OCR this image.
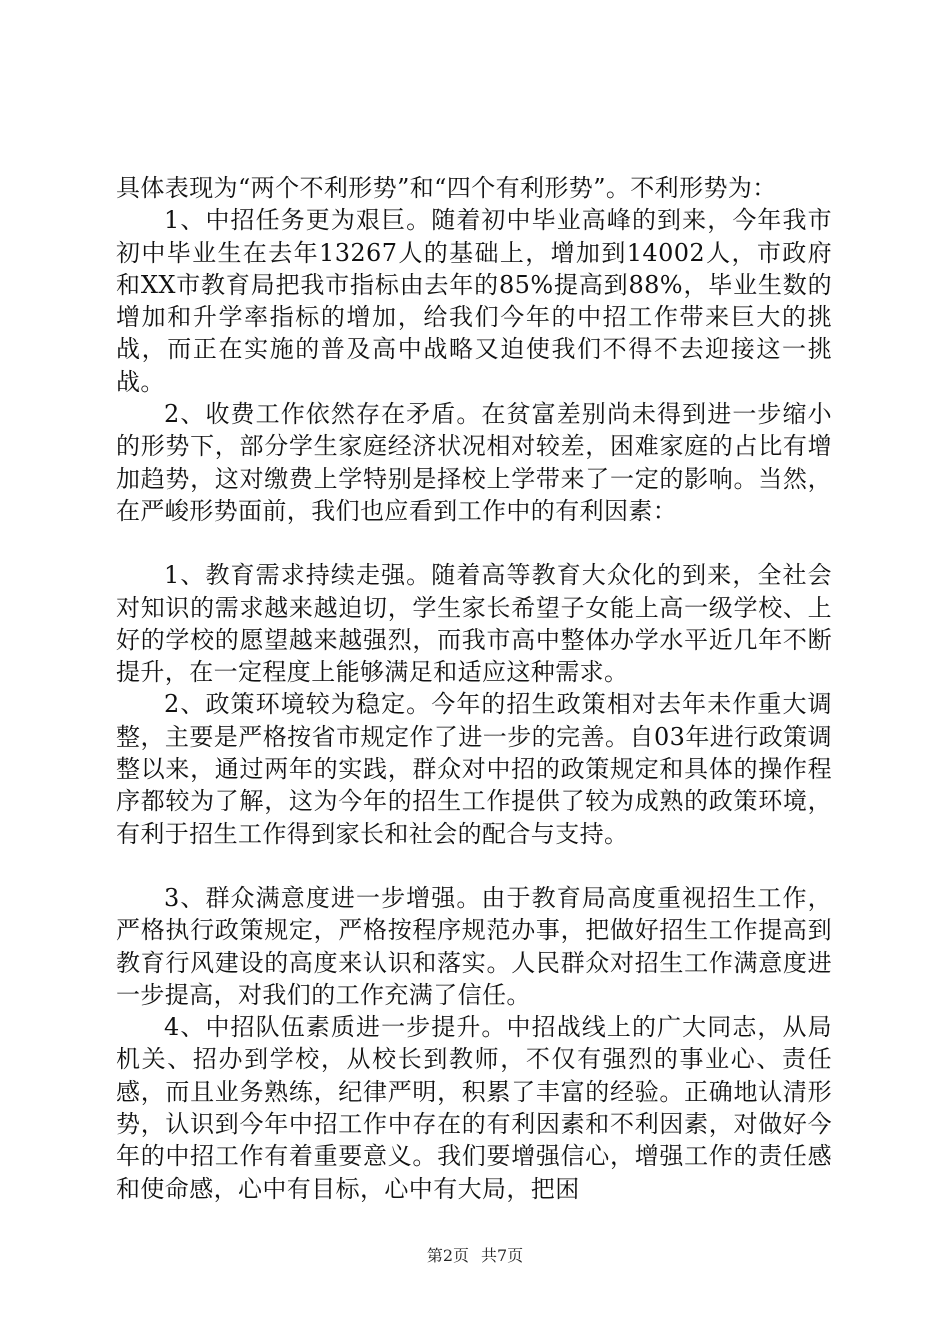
具体表现为“两个不利形势”和“四个有利形势”。不利形势为：

1、中招任务更为艰巨。随着初中毕业高峰的到来，今年我市初中毕业生在去年13267人的基础上，增加到14002人，市政府和XX市教育局把我市指标由去年的85%提高到88%，毕业生数的增加和升学率指标的增加，给我们今年的中招工作带来巨大的挑战，而正在实施的普及高中战略又迫使我们不得不去迎接这一挑战。

2、收费工作依然存在矛盾。在贫富差别尚未得到进一步缩小的形势下，部分学生家庭经济状况相对较差，困难家庭的占比有增加趋势，这对缴费上学特别是择校上学带来了一定的影响。当然，在严峻形势面前，我们也应看到工作中的有利因素：

1、教育需求持续走强。随着高等教育大众化的到来，全社会对知识的需求越来越迫切，学生家长希望子女能上高一级学校、上好的学校的愿望越来越强烈，而我市高中整体办学水平近几年不断提升，在一定程度上能够满足和适应这种需求。

2、政策环境较为稳定。今年的招生政策相对去年未作重大调整，主要是严格按省市规定作了进一步的完善。自03年进行政策调整以来，通过两年的实践，群众对中招的政策规定和具体的操作程序都较为了解，这为今年的招生工作提供了较为成熟的政策环境，有利于招生工作得到家长和社会的配合与支持。

3、群众满意度进一步增强。由于教育局高度重视招生工作，严格执行政策规定，严格按程序规范办事，把做好招生工作提高到教育行风建设的高度来认识和落实。人民群众对招生工作满意度进一步提高，对我们的工作充满了信任。

4、中招队伍素质进一步提升。中招战线上的广大同志，从局机关、招办到学校，从校长到教师，不仅有强烈的事业心、责任感，而且业务熟练，纪律严明，积累了丰富的经验。正确地认清形势，认识到今年中招工作中存在的有利因素和不利因素，对做好今年的中招工作有着重要意义。我们要增强信心，增强工作的责任感和使命感，心中有目标，心中有大局，把困

第2页 共7页
